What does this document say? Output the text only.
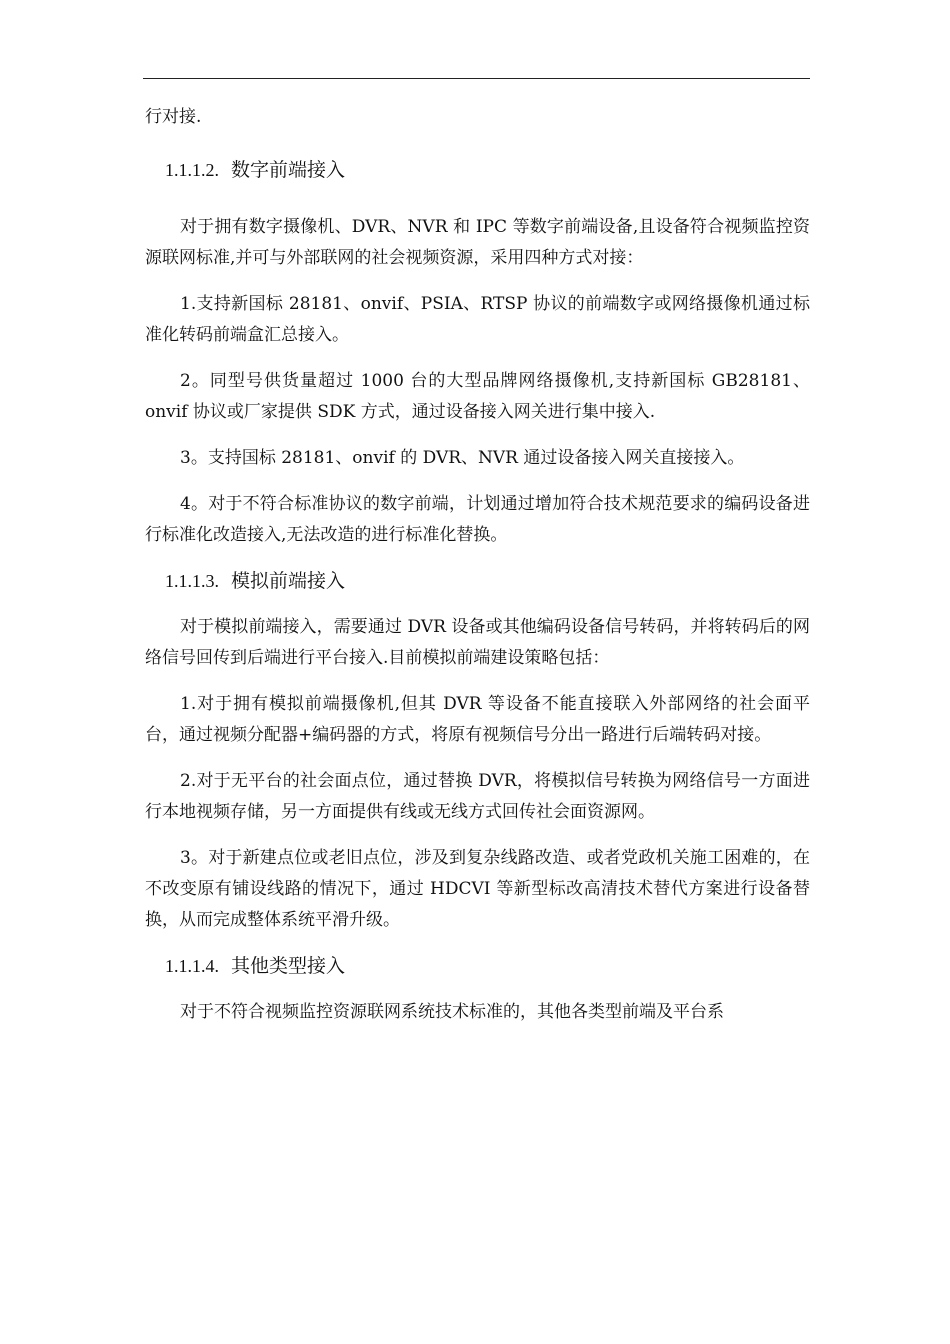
行对接.
1.1.1.2. 数字前端接入
对于拥有数字摄像机、DVR、NVR 和 IPC 等数字前端设备,且设备符合视频监控资源联网标准,并可与外部联网的社会视频资源，采用四种方式对接：
1.支持新国标 28181、onvif、PSIA、RTSP 协议的前端数字或网络摄像机通过标准化转码前端盒汇总接入。
2。同型号供货量超过 1000 台的大型品牌网络摄像机,支持新国标 GB28181、onvif 协议或厂家提供 SDK 方式，通过设备接入网关进行集中接入.
3。支持国标 28181、onvif 的 DVR、NVR 通过设备接入网关直接接入。
4。对于不符合标准协议的数字前端，计划通过增加符合技术规范要求的编码设备进行标准化改造接入,无法改造的进行标准化替换。
1.1.1.3. 模拟前端接入
对于模拟前端接入，需要通过 DVR 设备或其他编码设备信号转码，并将转码后的网络信号回传到后端进行平台接入.目前模拟前端建设策略包括：
1.对于拥有模拟前端摄像机,但其 DVR 等设备不能直接联入外部网络的社会面平台，通过视频分配器+编码器的方式，将原有视频信号分出一路进行后端转码对接。
2.对于无平台的社会面点位，通过替换 DVR，将模拟信号转换为网络信号一方面进行本地视频存储，另一方面提供有线或无线方式回传社会面资源网。
3。对于新建点位或老旧点位，涉及到复杂线路改造、或者党政机关施工困难的，在不改变原有铺设线路的情况下，通过 HDCVI 等新型标改高清技术替代方案进行设备替换，从而完成整体系统平滑升级。
1.1.1.4. 其他类型接入
对于不符合视频监控资源联网系统技术标准的，其他各类型前端及平台系
